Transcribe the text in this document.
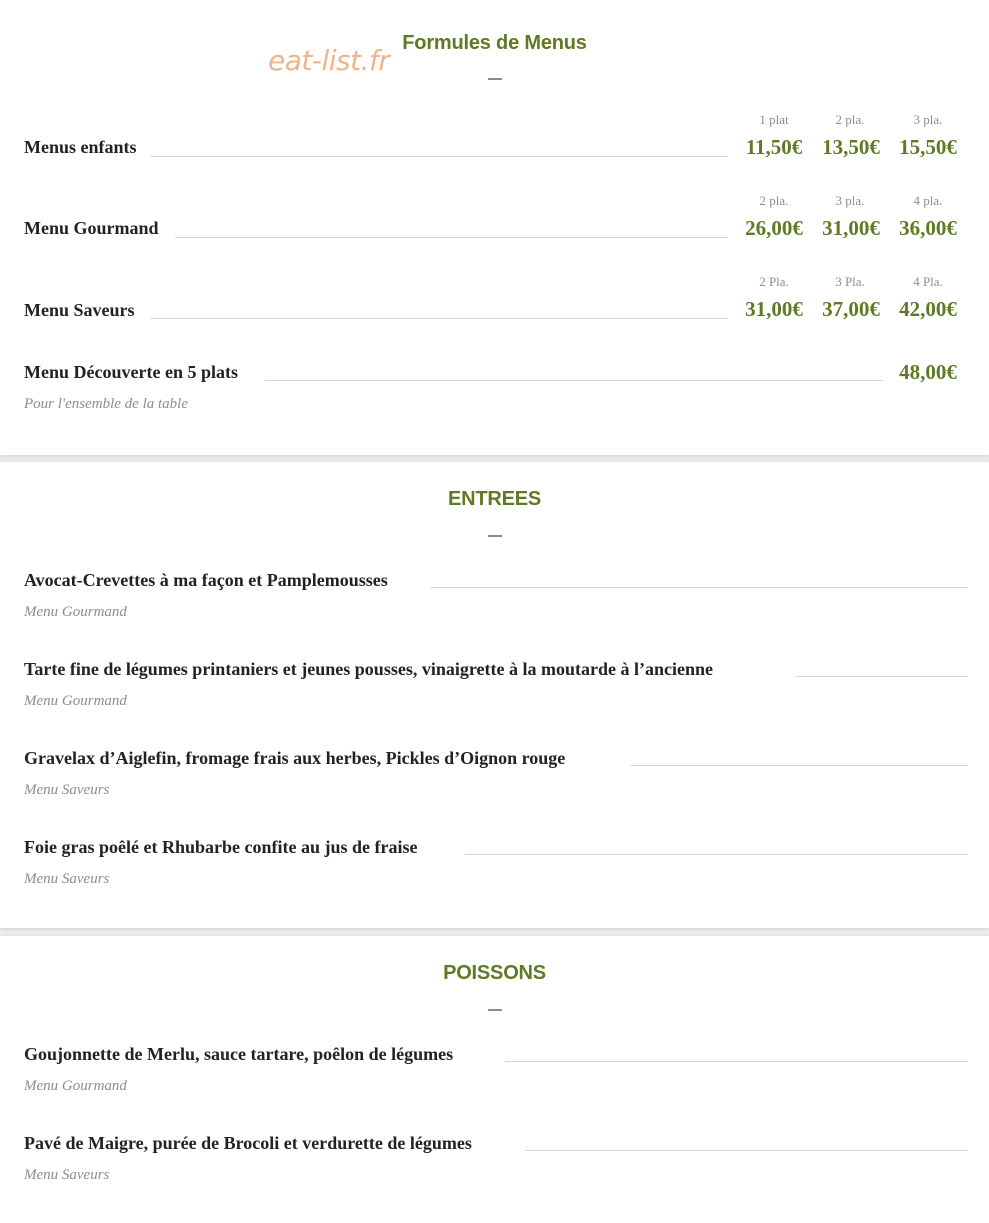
eat-list.fr
Formules de Menus
Menus enfants
1 plat	2 pla.	3 pla.
11,50€ 13,50€ 15,50€
Menu Gourmand
2 pla.	3 pla.	4 pla.
26,00€ 31,00€ 36,00€
Menu Saveurs
2 Pla.	3 Pla.	4 Pla.
31,00€ 37,00€ 42,00€
Menu Découverte en 5 plats	48,00€
Pour l'ensemble de la table
ENTREES
Avocat-Crevettes à ma façon et Pamplemousses
Menu Gourmand
Tarte fine de légumes printaniers et jeunes pousses, vinaigrette à la moutarde à l’ancienne
Menu Gourmand
Gravelax d’Aiglefin, fromage frais aux herbes, Pickles d’Oignon rouge
Menu Saveurs
Foie gras poêlé et Rhubarbe confite au jus de fraise
Menu Saveurs
POISSONS
Goujonnette de Merlu, sauce tartare, poêlon de légumes
Menu Gourmand
Pavé de Maigre, purée de Brocoli et verdurette de légumes
Menu Saveurs
